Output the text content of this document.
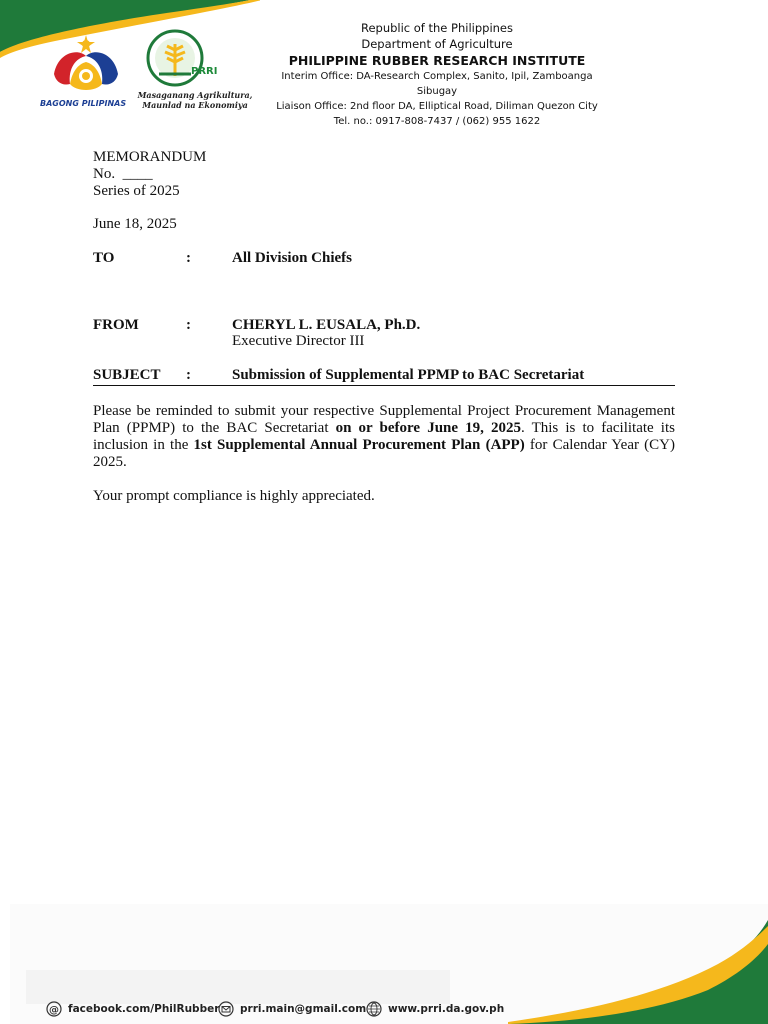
BAGONG PILIPINAS
PRRI
Masaganang Agrikultura,
Maunlad na Ekonomiya
Republic of the Philippines
Department of Agriculture
PHILIPPINE RUBBER RESEARCH INSTITUTE
Interim Office: DA-Research Complex, Sanito, Ipil, Zamboanga Sibugay
Liaison Office: 2nd floor DA, Elliptical Road, Diliman Quezon City
Tel. no.: 0917-808-7437 / (062) 955 1622
MEMORANDUM
No.  ____
Series of 2025
June 18, 2025
TO	:	All Division Chiefs
FROM	:	CHERYL L. EUSALA, Ph.D.
Executive Director III
SUBJECT :	Submission of Supplemental PPMP to BAC Secretariat
Please be reminded to submit your respective Supplemental Project Procurement Management Plan (PPMP) to the BAC Secretariat on or before June 19, 2025. This is to facilitate its inclusion in the 1st Supplemental Annual Procurement Plan (APP) for Calendar Year (CY) 2025.
Your prompt compliance is highly appreciated.
@ facebook.com/PhilRubber prri.main@gmail.com www.prri.da.gov.ph
